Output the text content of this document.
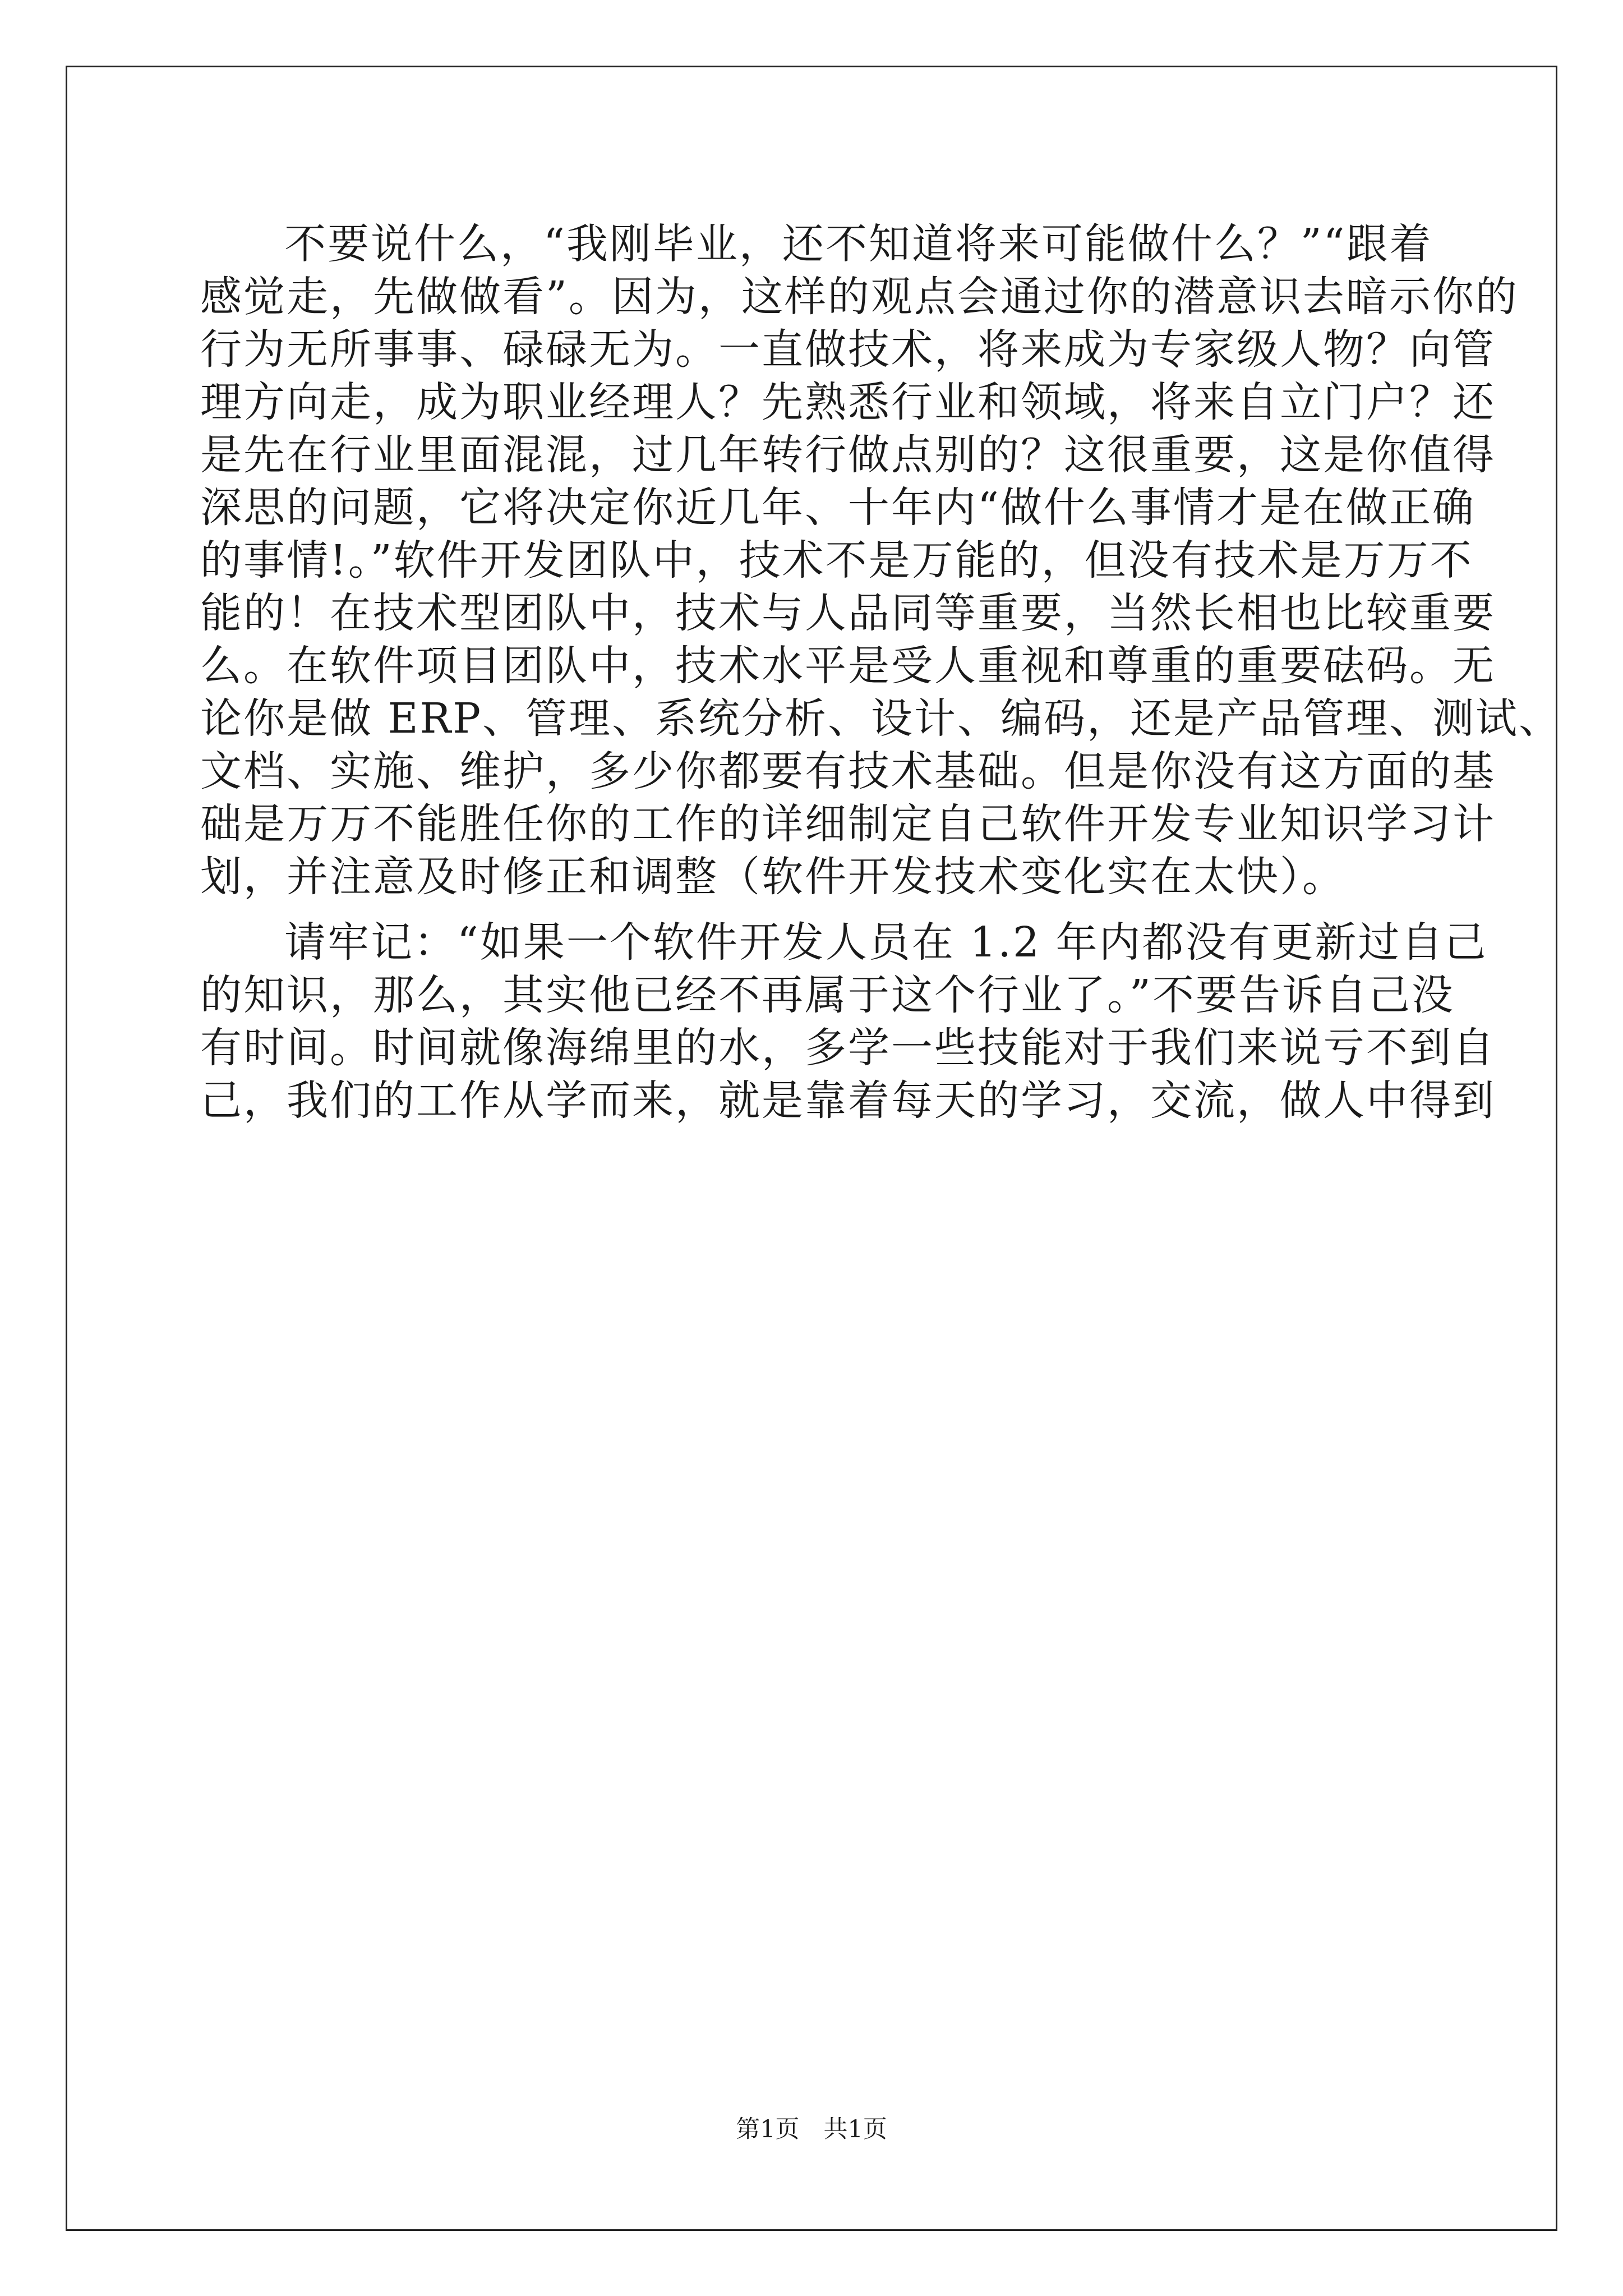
不要说什么，“我刚毕业，还不知道将来可能做什么？”“跟着

感觉走，先做做看”。因为，这样的观点会通过你的潜意识去暗示你的

行为无所事事、碌碌无为。一直做技术，将来成为专家级人物？向管

理方向走，成为职业经理人？先熟悉行业和领域，将来自立门户？还

是先在行业里面混混，过几年转行做点别的？这很重要，这是你值得

深思的问题，它将决定你近几年、十年内“做什么事情才是在做正确

的事情!。”软件开发团队中，技术不是万能的，但没有技术是万万不

能的！在技术型团队中，技术与人品同等重要，当然长相也比较重要

么。在软件项目团队中，技术水平是受人重视和尊重的重要砝码。无

论你是做 ERP、管理、系统分析、设计、编码，还是产品管理、测试、

文档、实施、维护，多少你都要有技术基础。但是你没有这方面的基

础是万万不能胜任你的工作的详细制定自己软件开发专业知识学习计

划，并注意及时修正和调整（软件开发技术变化实在太快）。

请牢记：“如果一个软件开发人员在 1.2 年内都没有更新过自己

的知识，那么，其实他已经不再属于这个行业了。”不要告诉自己没

有时间。时间就像海绵里的水，多学一些技能对于我们来说亏不到自

己，我们的工作从学而来，就是靠着每天的学习，交流，做人中得到

第1页　共1页
